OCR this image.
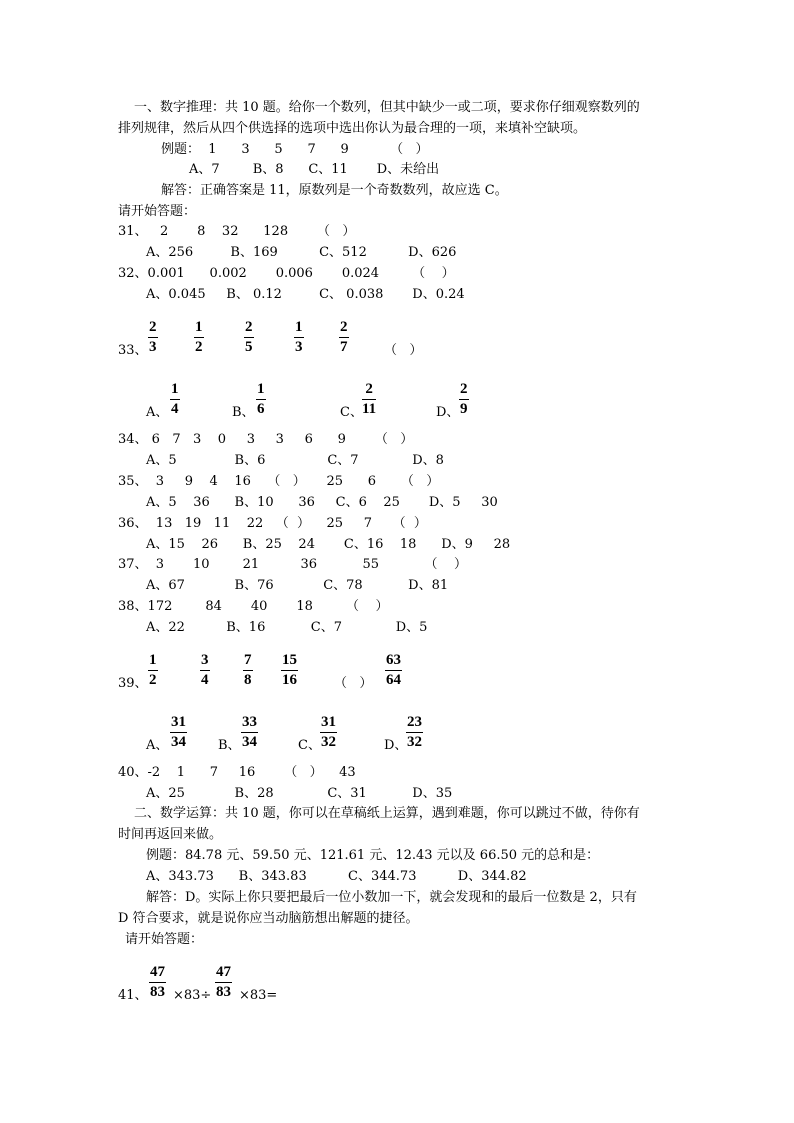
一、数字推理：共 10 题。给你一个数列，但其中缺少一或二项，要求你仔细观察数列的
排列规律，然后从四个供选择的选项中选出你认为最合理的一项，来填补空缺项。
例题：  1      3      5      7      9          （   ）
A、7        B、8      C、11       D、未给出
解答：正确答案是 11，原数列是一个奇数数列，故应选 C。
请开始答题：
31、   2       8    32      128       （   ）
A、256         B、169          C、512          D、626
32、0.001      0.002       0.006       0.024        （    ）
A、0.045     B、 0.12         C、 0.038       D、0.24
33、
2
3
1
2
2
5
1
3
2
7	（   ）
A、
1
4	B、
1
6	C、
2
11	D、
2
9
34、 6   7   3    0     3     3     6      9       （   ）
A、5              B、6               C、7             D、8
35、  3     9    4    16    （   ）     25      6      （   ）
A、5    36      B、10      36     C、6    25       D、5     30
36、  13   19   11    22   （  ）    25     7     （  ）
A、15    26      B、25    24       C、16    18      D、9     28
37、  3       10        21          36           55           （    ）
A、67            B、76            C、78           D、81
38、172        84       40       18        （    ）
A、22          B、16           C、7             D、5
39、
1
2
3
4
7
8
15
16	（   ）
63
64
A、
31
34 B、
33
34	C、
31
32	D、
23
32
40、-2    1      7     16       （   ）    43
A、25            B、28             C、31           D、35
二、数学运算：共 10 题，你可以在草稿纸上运算，遇到难题，你可以跳过不做，待你有
时间再返回来做。
例题：84.78 元、59.50 元、121.61 元、12.43 元以及 66.50 元的总和是：
A、343.73      B、343.83          C、344.73          D、344.82
解答：D。实际上你只要把最后一位小数加一下，就会发现和的最后一位数是 2，只有
D 符合要求，就是说你应当动脑筋想出解题的捷径。
请开始答题：
41、
47
83 ×83÷
47
83 ×83=
